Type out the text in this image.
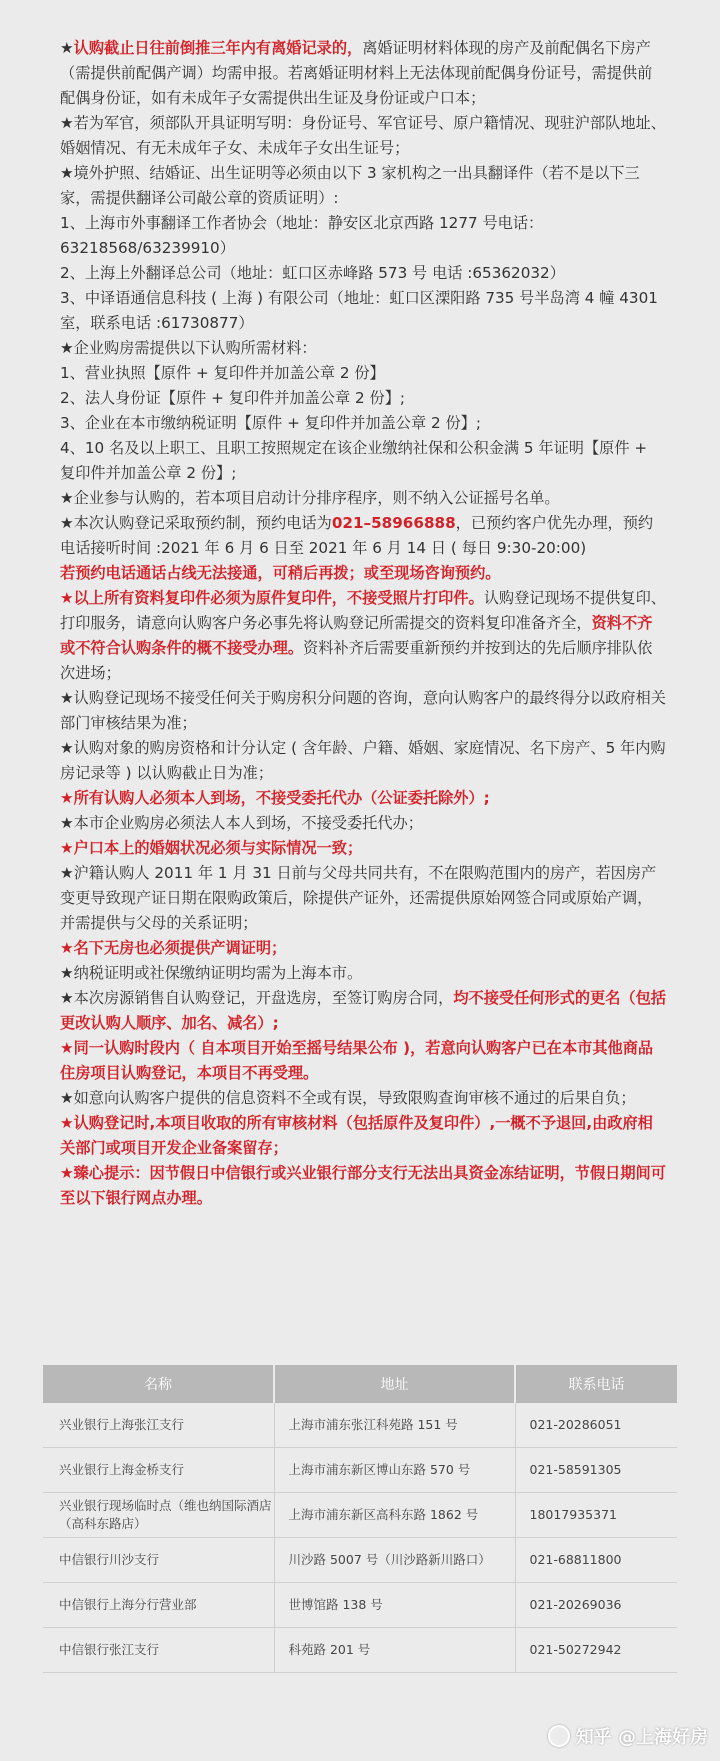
★认购截止日往前倒推三年内有离婚记录的，离婚证明材料体现的房产及前配偶名下房产（需提供前配偶产调）均需申报。若离婚证明材料上无法体现前配偶身份证号，需提供前配偶身份证，如有未成年子女需提供出生证及身份证或户口本；

★若为军官，须部队开具证明写明：身份证号、军官证号、原户籍情况、现驻沪部队地址、婚姻情况、有无未成年子女、未成年子女出生证号；

★境外护照、结婚证、出生证明等必须由以下 3 家机构之一出具翻译件（若不是以下三家，需提供翻译公司敲公章的资质证明）:

1、上海市外事翻译工作者协会（地址：静安区北京西路 1277 号电话：63218568/63239910）

2、上海上外翻译总公司（地址：虹口区赤峰路 573 号 电话 :65362032）

3、中译语通信息科技 ( 上海 ) 有限公司（地址：虹口区溧阳路 735 号半岛湾 4 幢 4301 室，联系电话 :61730877）

★企业购房需提供以下认购所需材料：

1、营业执照【原件 + 复印件并加盖公章 2 份】

2、法人身份证【原件 + 复印件并加盖公章 2 份】;

3、企业在本市缴纳税证明【原件 + 复印件并加盖公章 2 份】;

4、10 名及以上职工、且职工按照规定在该企业缴纳社保和公积金满 5 年证明【原件 + 复印件并加盖公章 2 份】;

★企业参与认购的，若本项目启动计分排序程序，则不纳入公证摇号名单。

★本次认购登记采取预约制，预约电话为021–58966888，已预约客户优先办理，预约电话接听时间 :2021 年 6 月 6 日至 2021 年 6 月 14 日 ( 每日 9:30-20:00)

若预约电话通话占线无法接通，可稍后再拨；或至现场咨询预约。

★以上所有资料复印件必须为原件复印件，不接受照片打印件。认购登记现场不提供复印、打印服务，请意向认购客户务必事先将认购登记所需提交的资料复印准备齐全，资料不齐或不符合认购条件的概不接受办理。资料补齐后需要重新预约并按到达的先后顺序排队依次进场；

★认购登记现场不接受任何关于购房积分问题的咨询，意向认购客户的最终得分以政府相关部门审核结果为准；

★认购对象的购房资格和计分认定 ( 含年龄、户籍、婚姻、家庭情况、名下房产、5 年内购房记录等 ) 以认购截止日为准；

★所有认购人必须本人到场，不接受委托代办（公证委托除外）;

★本市企业购房必须法人本人到场，不接受委托代办；

★户口本上的婚姻状况必须与实际情况一致；

★沪籍认购人 2011 年 1 月 31 日前与父母共同共有，不在限购范围内的房产，若因房产变更导致现产证日期在限购政策后，除提供产证外，还需提供原始网签合同或原始产调，并需提供与父母的关系证明；

★名下无房也必须提供产调证明；

★纳税证明或社保缴纳证明均需为上海本市。

★本次房源销售自认购登记，开盘选房，至签订购房合同，均不接受任何形式的更名（包括更改认购人顺序、加名、减名）;

★同一认购时段内（ 自本项目开始至摇号结果公布 )，若意向认购客户已在本市其他商品住房项目认购登记，本项目不再受理。

★如意向认购客户提供的信息资料不全或有误，导致限购查询审核不通过的后果自负；

★认购登记时,本项目收取的所有审核材料（包括原件及复印件）,一概不予退回,由政府相关部门或项目开发企业备案留存；

★臻心提示：因节假日中信银行或兴业银行部分支行无法出具资金冻结证明，节假日期间可至以下银行网点办理。

名称	地址	联系电话
兴业银行上海张江支行	上海市浦东张江科苑路 151 号	021-20286051
兴业银行上海金桥支行	上海市浦东新区博山东路 570 号	021-58591305
兴业银行现场临时点（维也纳国际酒店（高科东路店）	上海市浦东新区高科东路 1862 号	18017935371
中信银行川沙支行	川沙路 5007 号（川沙路新川路口）	021-68811800
中信银行上海分行营业部	世博馆路 138 号	021-20269036
中信银行张江支行	科苑路 201 号	021-50272942
知乎 @上海好房
